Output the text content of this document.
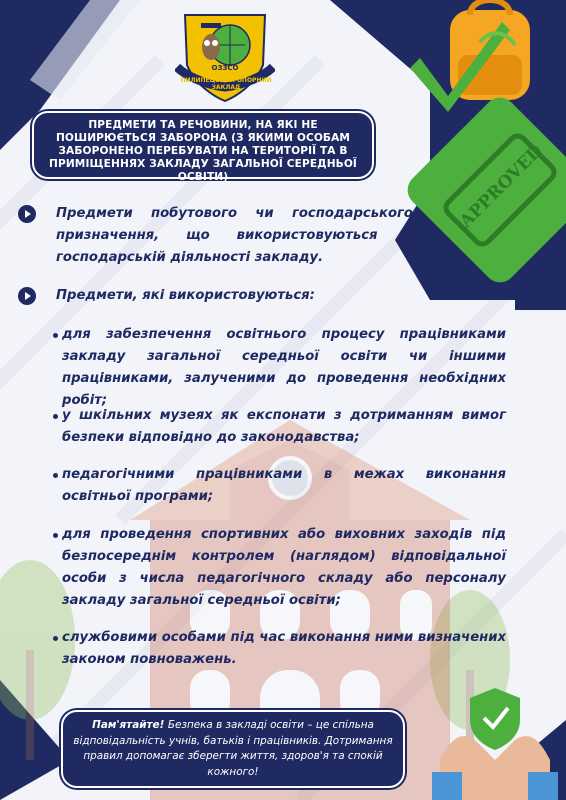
ОЗЗСО
ПИЛИПЕЦЬКИЙ ОПОРНИЙ ЗАКЛАД
APPROVED
ПРЕДМЕТИ ТА РЕЧОВИНИ, НА ЯКІ НЕ ПОШИРЮЄТЬСЯ ЗАБОРОНА (З ЯКИМИ ОСОБАМ ЗАБОРОНЕНО ПЕРЕБУВАТИ НА ТЕРИТОРІЇ ТА В ПРИМІЩЕННЯХ ЗАКЛАДУ ЗАГАЛЬНОЇ СЕРЕДНЬОЇ ОСВІТИ)
Предмети побутового чи господарського призначення, що використовуються у господарській діяльності закладу.
Предмети, які використовуються:
для забезпечення освітнього процесу працівниками закладу загальної середньої освіти чи іншими працівниками, залученими до проведення необхідних робіт;
у шкільних музеях як експонати з дотриманням вимог безпеки відповідно до законодавства;
педагогічними працівниками в межах виконання освітньої програми;
для проведення спортивних або виховних заходів під безпосереднім контролем (наглядом) відповідальної особи з числа педагогічного складу або персоналу закладу загальної середньої освіти;
службовими особами під час виконання ними визначених законом повноважень.
Пам'ятайте! Безпека в закладі освіти – це спільна відповідальність учнів, батьків і працівників. Дотримання правил допомагає зберегти життя, здоров'я та спокій кожного!
